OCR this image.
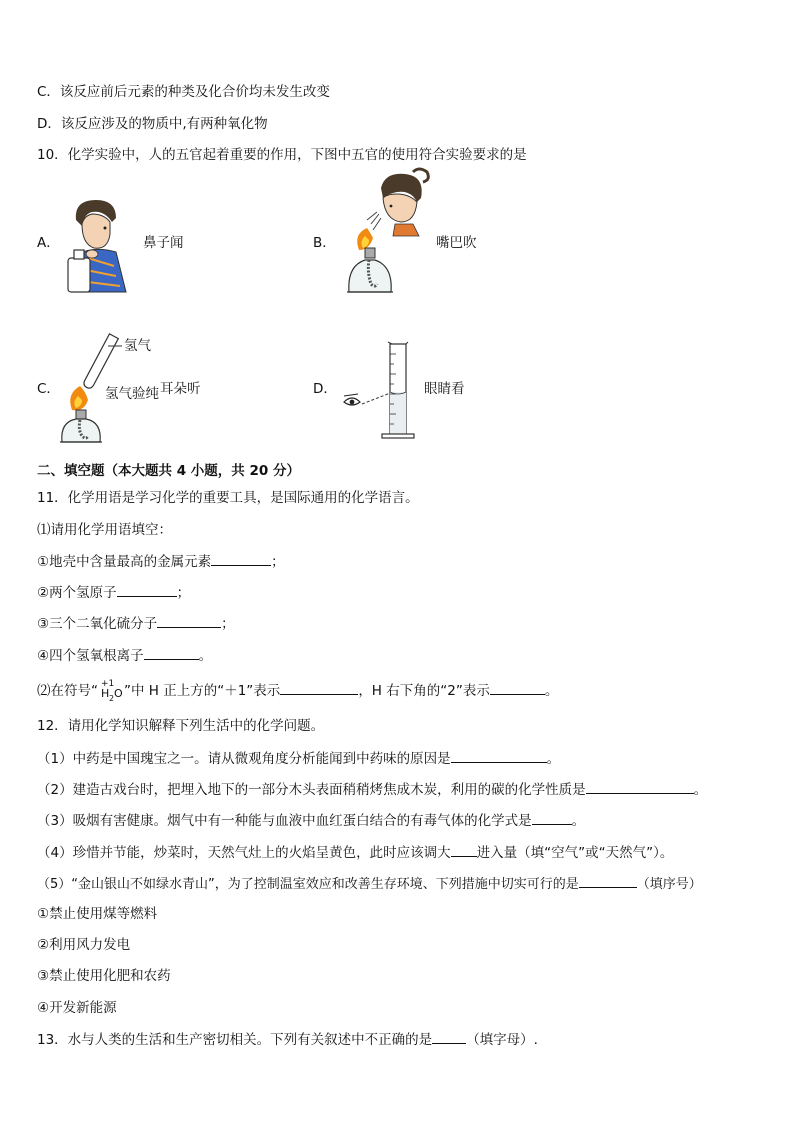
C．该反应前后元素的种类及化合价均未发生改变
D．该反应涉及的物质中,有两种氧化物
10．化学实验中，人的五官起着重要的作用，下图中五官的使用符合实验要求的是
A．	鼻子闻	B．	嘴巴吹
C．
氢气
氢气验纯 耳朵听	D．	眼睛看
二、填空题（本大题共 4 小题，共 20 分）
11．化学用语是学习化学的重要工具，是国际通用的化学语言。
⑴请用化学用语填空：
①地壳中含量最高的金属元素	；
②两个氢原子	；
③三个二氧化硫分子	；
④四个氢氧根离子	。
⑵在符号“ +1
H 2 O ”中 H 正上方的“＋1”表示	，H 右下角的“2”表示	。
12．请用化学知识解释下列生活中的化学问题。
（1）中药是中国瑰宝之一。请从微观角度分析能闻到中药味的原因是	。
（2）建造古戏台时，把埋入地下的一部分木头表面稍稍烤焦成木炭，利用的碳的化学性质是	。
（3）吸烟有害健康。烟气中有一种能与血液中血红蛋白结合的有毒气体的化学式是	。
（4）珍惜并节能，炒菜时，天然气灶上的火焰呈黄色，此时应该调大 进入量（填“空气”或“天然气”）。
（5）“金山银山不如绿水青山”，为了控制温室效应和改善生存环境、下列措施中切实可行的是	（填序号）
①禁止使用煤等燃料
②利用风力发电
③禁止使用化肥和农药
④开发新能源
13．水与人类的生活和生产密切相关。下列有关叙述中不正确的是	（填字母）.
